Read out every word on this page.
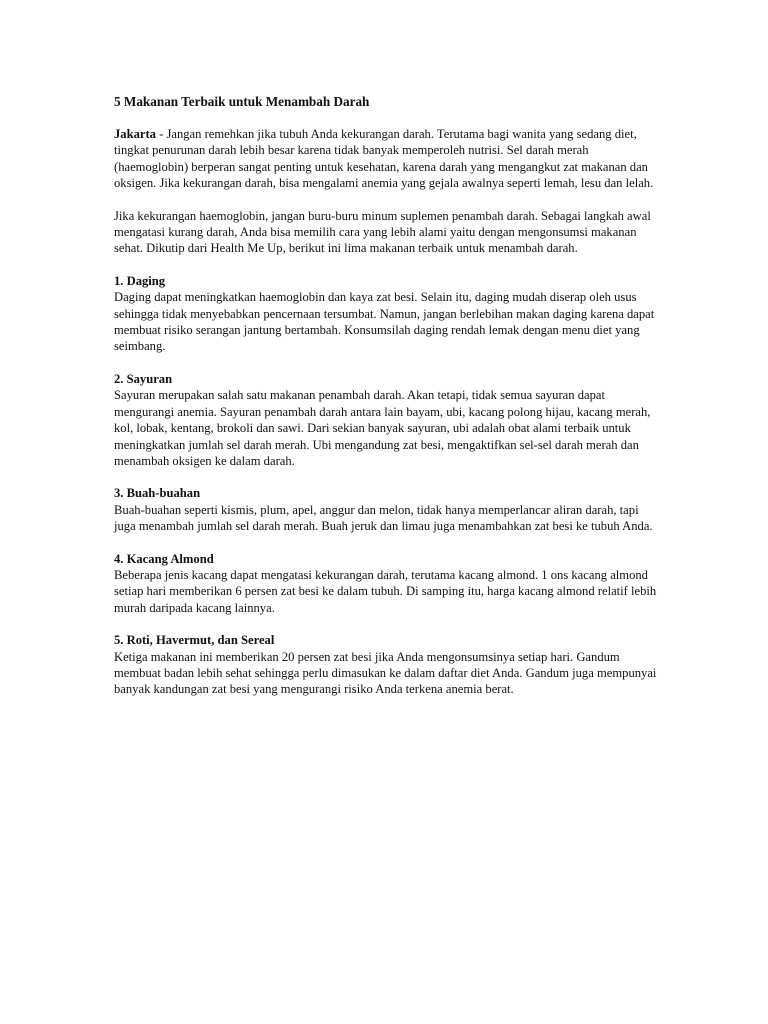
5 Makanan Terbaik untuk Menambah Darah
Jakarta - Jangan remehkan jika tubuh Anda kekurangan darah. Terutama bagi wanita yang sedang diet, tingkat penurunan darah lebih besar karena tidak banyak memperoleh nutrisi. Sel darah merah (haemoglobin) berperan sangat penting untuk kesehatan, karena darah yang mengangkut zat makanan dan oksigen. Jika kekurangan darah, bisa mengalami anemia yang gejala awalnya seperti lemah, lesu dan lelah.
Jika kekurangan haemoglobin, jangan buru-buru minum suplemen penambah darah. Sebagai langkah awal mengatasi kurang darah, Anda bisa memilih cara yang lebih alami yaitu dengan mengonsumsi makanan sehat. Dikutip dari Health Me Up, berikut ini lima makanan terbaik untuk menambah darah.
1. Daging
Daging dapat meningkatkan haemoglobin dan kaya zat besi. Selain itu, daging mudah diserap oleh usus sehingga tidak menyebabkan pencernaan tersumbat. Namun, jangan berlebihan makan daging karena dapat membuat risiko serangan jantung bertambah. Konsumsilah daging rendah lemak dengan menu diet yang seimbang.
2. Sayuran
Sayuran merupakan salah satu makanan penambah darah. Akan tetapi, tidak semua sayuran dapat mengurangi anemia. Sayuran penambah darah antara lain bayam, ubi, kacang polong hijau, kacang merah, kol, lobak, kentang, brokoli dan sawi. Dari sekian banyak sayuran, ubi adalah obat alami terbaik untuk meningkatkan jumlah sel darah merah. Ubi mengandung zat besi, mengaktifkan sel-sel darah merah dan menambah oksigen ke dalam darah.
3. Buah-buahan
Buah-buahan seperti kismis, plum, apel, anggur dan melon, tidak hanya memperlancar aliran darah, tapi juga menambah jumlah sel darah merah. Buah jeruk dan limau juga menambahkan zat besi ke tubuh Anda.
4. Kacang Almond
Beberapa jenis kacang dapat mengatasi kekurangan darah, terutama kacang almond. 1 ons kacang almond setiap hari memberikan 6 persen zat besi ke dalam tubuh. Di samping itu, harga kacang almond relatif lebih murah daripada kacang lainnya.
5. Roti, Havermut, dan Sereal
Ketiga makanan ini memberikan 20 persen zat besi jika Anda mengonsumsinya setiap hari. Gandum membuat badan lebih sehat sehingga perlu dimasukan ke dalam daftar diet Anda. Gandum juga mempunyai banyak kandungan zat besi yang mengurangi risiko Anda terkena anemia berat.
